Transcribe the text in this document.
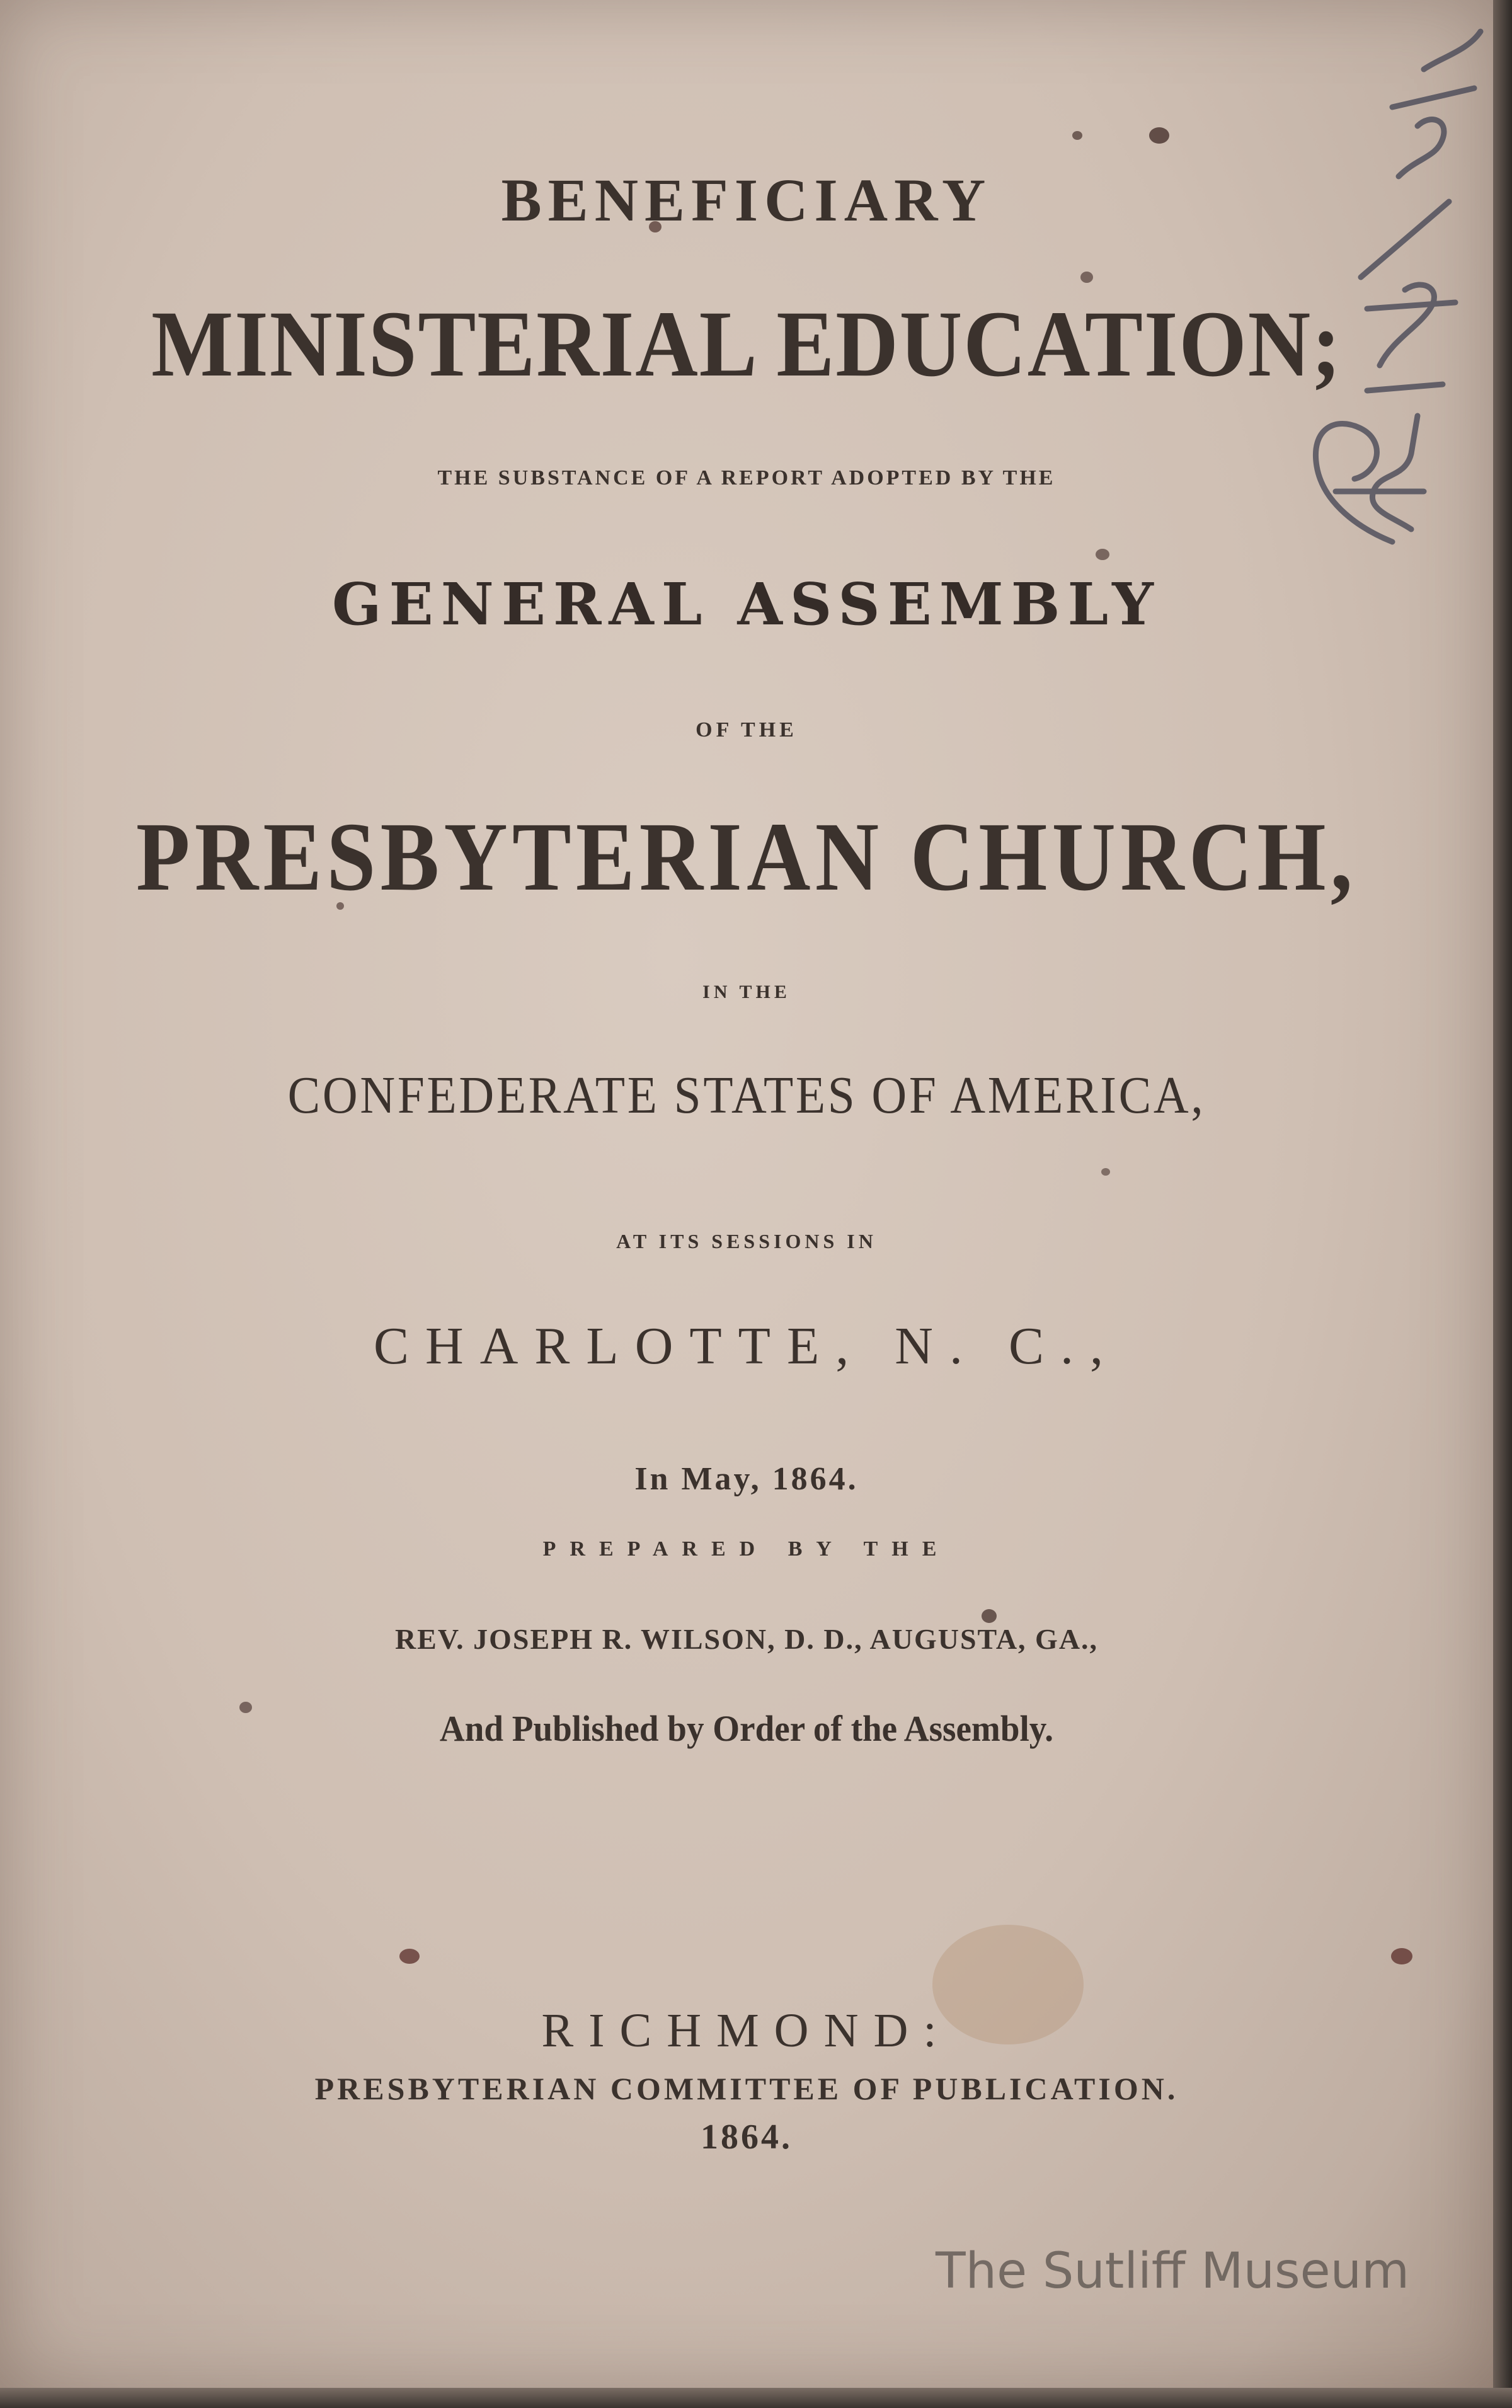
BENEFICIARY
MINISTERIAL EDUCATION;
THE SUBSTANCE OF A REPORT ADOPTED BY THE
GENERAL ASSEMBLY
OF THE
PRESBYTERIAN CHURCH,
IN THE
CONFEDERATE STATES OF AMERICA,
AT ITS SESSIONS IN
CHARLOTTE, N. C.,
In May, 1864.
PREPARED BY THE
REV. JOSEPH R. WILSON, D. D., AUGUSTA, GA.,
And Published by Order of the Assembly.
RICHMOND:
PRESBYTERIAN COMMITTEE OF PUBLICATION.
1864.
The Sutliff Museum
